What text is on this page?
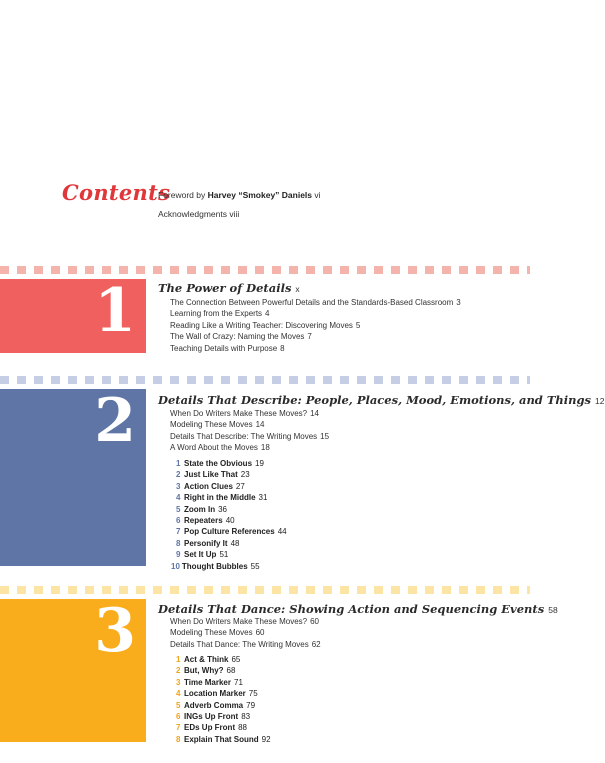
Contents
Foreword by Harvey “Smokey” Daniels vi
Acknowledgments viii
1 The Power of Details x
The Connection Between Powerful Details and the Standards-Based Classroom 3
Learning from the Experts 4
Reading Like a Writing Teacher: Discovering Moves 5
The Wall of Crazy: Naming the Moves 7
Teaching Details with Purpose 8
2 Details That Describe: People, Places, Mood, Emotions, and Things 12
When Do Writers Make These Moves? 14
Modeling These Moves 14
Details That Describe: The Writing Moves 15
A Word About the Moves 18
1 State the Obvious 19
2 Just Like That 23
3 Action Clues 27
4 Right in the Middle 31
5 Zoom In 36
6 Repeaters 40
7 Pop Culture References 44
8 Personify It 48
9 Set It Up 51
10 Thought Bubbles 55
3 Details That Dance: Showing Action and Sequencing Events 58
When Do Writers Make These Moves? 60
Modeling These Moves 60
Details That Dance: The Writing Moves 62
1 Act & Think 65
2 But, Why? 68
3 Time Marker 71
4 Location Marker 75
5 Adverb Comma 79
6 INGs Up Front 83
7 EDs Up Front 88
8 Explain That Sound 92
